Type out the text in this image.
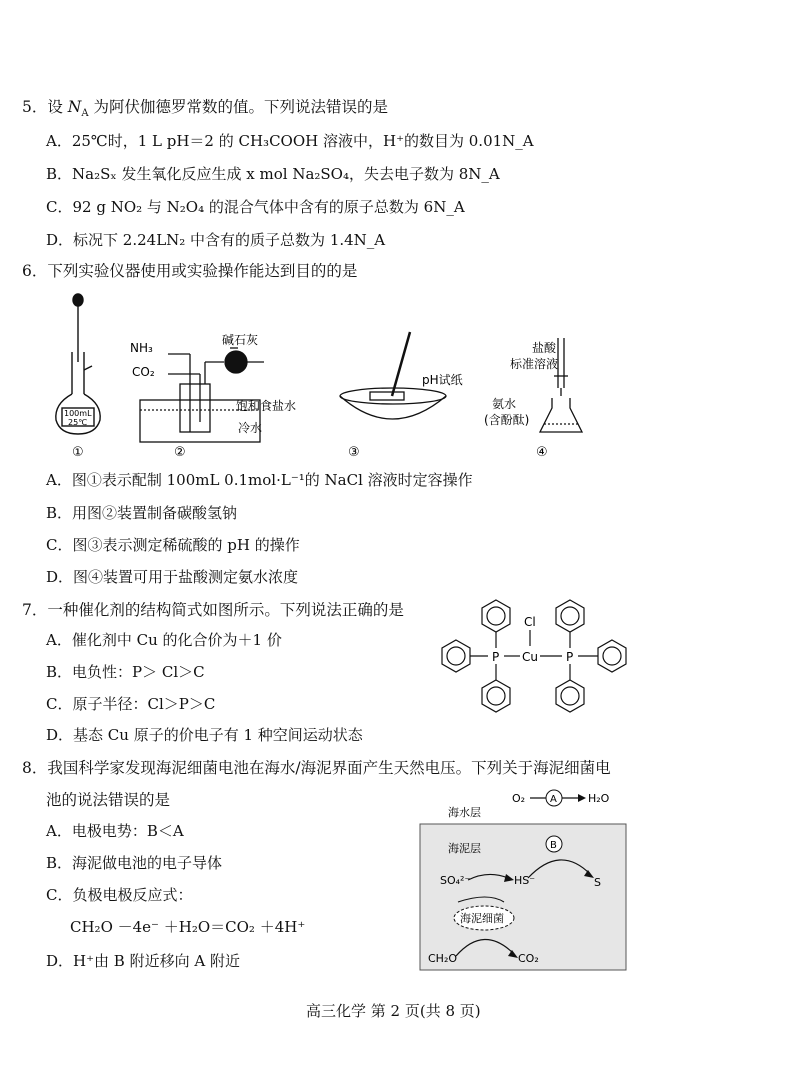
5．设 $N_A$ 为阿伏伽德罗常数的值。下列说法错误的是
A．25℃时，1 L pH＝2 的 CH₃COOH 溶液中，H⁺的数目为 0.01N_A
B．Na₂Sₓ 发生氧化反应生成 x mol Na₂SO₄，失去电子数为 8N_A
C．92 g NO₂ 与 N₂O₄ 的混合气体中含有的原子总数为 6N_A
D．标况下 2.24LN₂ 中含有的质子总数为 1.4N_A
6．下列实验仪器使用或实验操作能达到目的的是
100mL
25℃
NH₃
CO₂
碱石灰
饱和食盐水
冷水
pH试纸
盐酸
标准溶液
氨水
(含酚酞)
①	②	③	④
A．图①表示配制 100mL 0.1mol·L⁻¹的 NaCl 溶液时定容操作
B．用图②装置制备碳酸氢钠
C．图③表示测定稀硫酸的 pH 的操作
D．图④装置可用于盐酸测定氨水浓度
7．一种催化剂的结构简式如图所示。下列说法正确的是
A．催化剂中 Cu 的化合价为＋1 价
B．电负性：P＞ Cl＞C
C．原子半径：Cl＞P＞C
D．基态 Cu 原子的价电子有 1 种空间运动状态
P	P
Cu
Cl
8．我国科学家发现海泥细菌电池在海水/海泥界面产生天然电压。下列关于海泥细菌电
池的说法错误的是
A．电极电势：B＜A
B．海泥做电池的电子导体
C．负极电极反应式：
CH₂O －4e⁻ ＋H₂O＝CO₂ ＋4H⁺
D．H⁺由 B 附近移向 A 附近
海水层
O₂ A	H₂O
海泥层	B
SO₄²⁻	HS⁻	S
海泥细菌
CH₂O	CO₂
高三化学 第 2 页(共 8 页)
